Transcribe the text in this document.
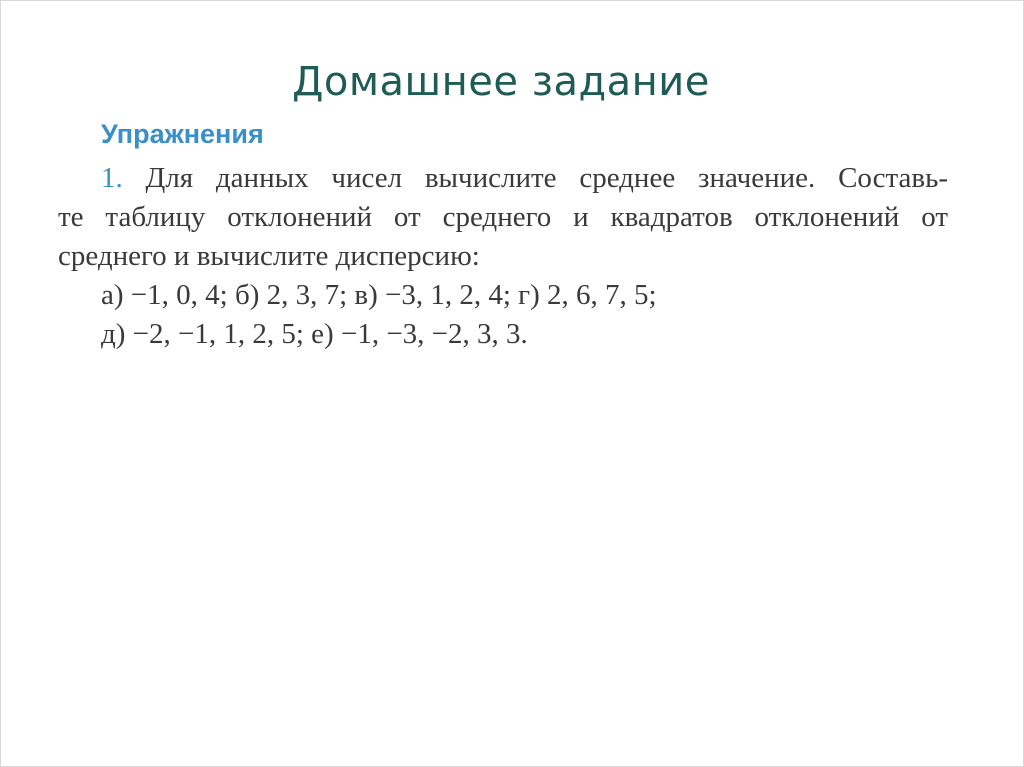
Домашнее задание
Упражнения
1. Для данных чисел вычислите среднее значение. Составь-
те таблицу отклонений от среднего и квадратов отклонений от
среднего и вычислите дисперсию:
а) −1, 0, 4; б) 2, 3, 7; в) −3, 1, 2, 4; г) 2, 6, 7, 5;
д) −2, −1, 1, 2, 5; е) −1, −3, −2, 3, 3.
